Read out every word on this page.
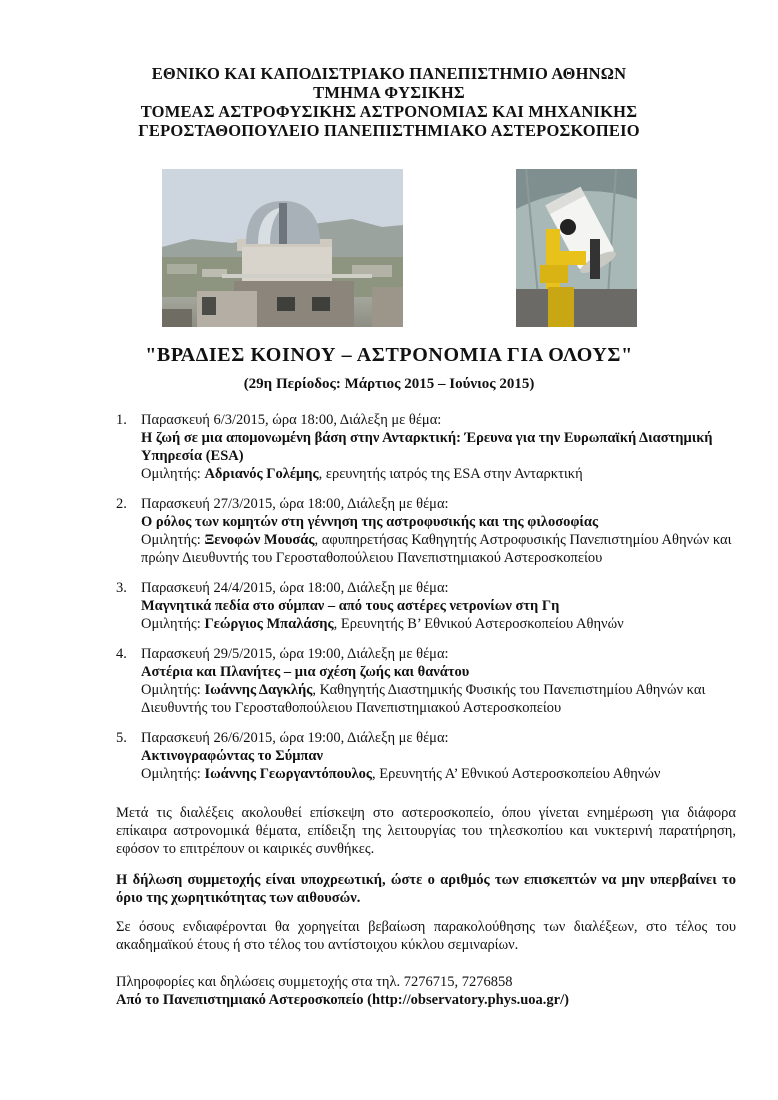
ΕΘΝΙΚΟ ΚΑΙ ΚΑΠΟΔΙΣΤΡΙΑΚΟ ΠΑΝΕΠΙΣΤΗΜΙΟ ΑΘΗΝΩΝ
ΤΜΗΜΑ ΦΥΣΙΚΗΣ
ΤΟΜΕΑΣ ΑΣΤΡΟΦΥΣΙΚΗΣ ΑΣΤΡΟΝΟΜΙΑΣ ΚΑΙ ΜΗΧΑΝΙΚΗΣ
ΓΕΡΟΣΤΑΘΟΠΟΥΛΕΙΟ ΠΑΝΕΠΙΣΤΗΜΙΑΚΟ ΑΣΤΕΡΟΣΚΟΠΕΙΟ
"ΒΡΑΔΙΕΣ ΚΟΙΝΟΥ – ΑΣΤΡΟΝΟΜΙΑ ΓΙΑ ΟΛΟΥΣ"
(29η Περίοδος: Μάρτιος 2015 – Ιούνιος 2015)
1. Παρασκευή 6/3/2015, ώρα 18:00, Διάλεξη με θέμα:
Η ζωή σε μια απομονωμένη βάση στην Ανταρκτική: Έρευνα για την Ευρωπαϊκή Διαστημική Υπηρεσία (ESA)
Ομιλητής: Αδριανός Γολέμης, ερευνητής ιατρός της ESA στην Ανταρκτική
2. Παρασκευή 27/3/2015, ώρα 18:00, Διάλεξη με θέμα:
Ο ρόλος των κομητών στη γέννηση της αστροφυσικής και της φιλοσοφίας
Ομιλητής: Ξενοφών Μουσάς, αφυπηρετήσας Καθηγητής Αστροφυσικής Πανεπιστημίου Αθηνών και πρώην Διευθυντής του Γεροσταθοπούλειου Πανεπιστημιακού Αστεροσκοπείου
3. Παρασκευή 24/4/2015, ώρα 18:00, Διάλεξη με θέμα:
Μαγνητικά πεδία στο σύμπαν – από τους αστέρες νετρονίων στη Γη
Ομιλητής: Γεώργιος Μπαλάσης, Ερευνητής Β’ Εθνικού Αστεροσκοπείου Αθηνών
4. Παρασκευή 29/5/2015, ώρα 19:00, Διάλεξη με θέμα:
Αστέρια και Πλανήτες – μια σχέση ζωής και θανάτου
Ομιλητής: Ιωάννης Δαγκλής, Καθηγητής Διαστημικής Φυσικής του Πανεπιστημίου Αθηνών και Διευθυντής του Γεροσταθοπούλειου Πανεπιστημιακού Αστεροσκοπείου
5. Παρασκευή 26/6/2015, ώρα 19:00, Διάλεξη με θέμα:
Ακτινογραφώντας το Σύμπαν
Ομιλητής: Ιωάννης Γεωργαντόπουλος, Ερευνητής Α’ Εθνικού Αστεροσκοπείου Αθηνών
Μετά τις διαλέξεις ακολουθεί επίσκεψη στο αστεροσκοπείο, όπου γίνεται ενημέρωση για διάφορα επίκαιρα αστρονομικά θέματα, επίδειξη της λειτουργίας του τηλεσκοπίου και νυκτερινή παρατήρηση, εφόσον το επιτρέπουν οι καιρικές συνθήκες.
Η δήλωση συμμετοχής είναι υποχρεωτική, ώστε ο αριθμός των επισκεπτών να μην υπερβαίνει το όριο της χωρητικότητας των αιθουσών.
Σε όσους ενδιαφέρονται θα χορηγείται βεβαίωση παρακολούθησης των διαλέξεων, στο τέλος του ακαδημαϊκού έτους ή στο τέλος του αντίστοιχου κύκλου σεμιναρίων.
Πληροφορίες και δηλώσεις συμμετοχής στα τηλ. 7276715, 7276858
Από το Πανεπιστημιακό Αστεροσκοπείο (http://observatory.phys.uoa.gr/)
